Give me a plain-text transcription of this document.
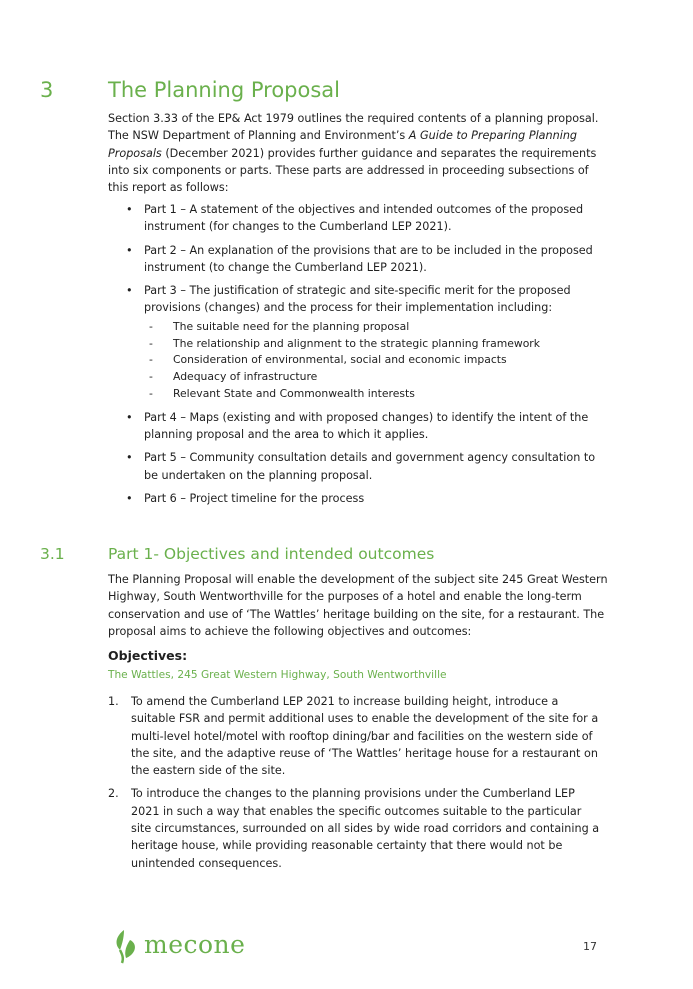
3	The Planning Proposal

Section 3.33 of the EP& Act 1979 outlines the required contents of a planning proposal. The NSW Department of Planning and Environment’s A Guide to Preparing Planning Proposals (December 2021) provides further guidance and separates the requirements into six components or parts. These parts are addressed in proceeding subsections of this report as follows:

• Part 1 – A statement of the objectives and intended outcomes of the proposed instrument (for changes to the Cumberland LEP 2021).
• Part 2 – An explanation of the provisions that are to be included in the proposed instrument (to change the Cumberland LEP 2021).
• Part 3 – The justification of strategic and site-specific merit for the proposed provisions (changes) and the process for their implementation including:
- The suitable need for the planning proposal
- The relationship and alignment to the strategic planning framework
- Consideration of environmental, social and economic impacts
- Adequacy of infrastructure
- Relevant State and Commonwealth interests
• Part 4 – Maps (existing and with proposed changes) to identify the intent of the planning proposal and the area to which it applies.
• Part 5 – Community consultation details and government agency consultation to be undertaken on the planning proposal.
• Part 6 – Project timeline for the process
3.1	Part 1- Objectives and intended outcomes

The Planning Proposal will enable the development of the subject site 245 Great Western Highway, South Wentworthville for the purposes of a hotel and enable the long-term conservation and use of ‘The Wattles’ heritage building on the site, for a restaurant. The proposal aims to achieve the following objectives and outcomes:

Objectives:
The Wattles, 245 Great Western Highway, South Wentworthville
1. To amend the Cumberland LEP 2021 to increase building height, introduce a suitable FSR and permit additional uses to enable the development of the site for a multi-level hotel/motel with rooftop dining/bar and facilities on the western side of the site, and the adaptive reuse of ‘The Wattles’ heritage house for a restaurant on the eastern side of the site.
2. To introduce the changes to the planning provisions under the Cumberland LEP 2021 in such a way that enables the specific outcomes suitable to the particular site circumstances, surrounded on all sides by wide road corridors and containing a heritage house, while providing reasonable certainty that there would not be unintended consequences.
mecone	17
